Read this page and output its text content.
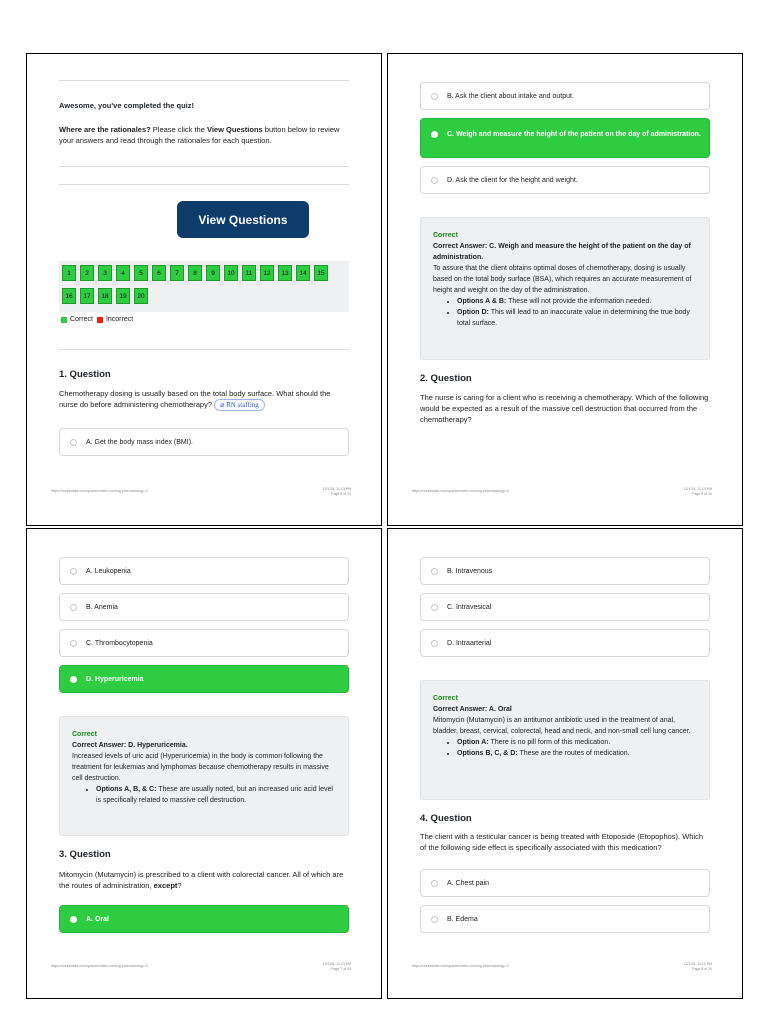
Awesome, you've completed the quiz!
Where are the rationales? Please click the View Questions button below to review your answers and read through the rationales for each question.
View Questions
1	2	3	4	5	6	7	8	9	10	11	12	13	14	15
16	17	18	19	20
Correct Incorrect
1. Question
Chemotherapy dosing is usually based on the total body surface. What should the nurse do before administering chemotherapy? ⌀ RN staffing
A. Get the body mass index (BMI).
https://nurseslabs.com/quizzes/nclex-nursing-pharmacology-1/	12/1/24, 11:13 PM
Page 5 of 24
B. Ask the client about intake and output.
C. Weigh and measure the height of the patient on the day of administration.
D. Ask the client for the height and weight.
Correct
Correct Answer: C. Weigh and measure the height of the patient on the day of administration.
To assure that the client obtains optimal doses of chemotherapy, dosing is usually based on the total body surface (BSA), which requires an accurate measurement of height and weight on the day of the administration.
• Options A & B: These will not provide the information needed.
• Option D: This will lead to an inaccurate value in determining the true body total surface.
2. Question
The nurse is caring for a client who is receiving a chemotherapy. Which of the following would be expected as a result of the massive cell destruction that occurred from the chemotherapy?
https://nurseslabs.com/quizzes/nclex-nursing-pharmacology-1/	12/1/24, 11:13 PM
Page 6 of 24
A. Leukopenia
B. Anemia
C. Thrombocytopenia
D. Hyperuricemia
Correct
Correct Answer: D. Hyperuricemia.
Increased levels of uric acid (Hyperuricemia) in the body is common following the treatment for leukemias and lymphomas because chemotherapy results in massive cell destruction.
• Options A, B, & C: These are usually noted, but an increased uric acid level is specifically related to massive cell destruction.
3. Question
Mitomycin (Mutamycin) is prescribed to a client with colorectal cancer. All of which are the routes of administration, except?
A. Oral
https://nurseslabs.com/quizzes/nclex-nursing-pharmacology-1/	12/1/24, 11:13 PM
Page 7 of 24
B. Intravenous
C. Intravesical
D. Intraarterial
Correct
Correct Answer: A. Oral
Mitomycin (Mutamycin) is an antitumor antibiotic used in the treatment of anal, bladder, breast, cervical, colorectal, head and neck, and non-small cell lung cancer.
• Option A: There is no pill form of this medication.
• Options B, C, & D: These are the routes of medication.
4. Question
The client with a testicular cancer is being treated with Etoposide (Etopophos). Which of the following side effect is specifically associated with this medication?
A. Chest pain
B. Edema
https://nurseslabs.com/quizzes/nclex-nursing-pharmacology-1/	12/1/24, 11:13 PM
Page 8 of 24
